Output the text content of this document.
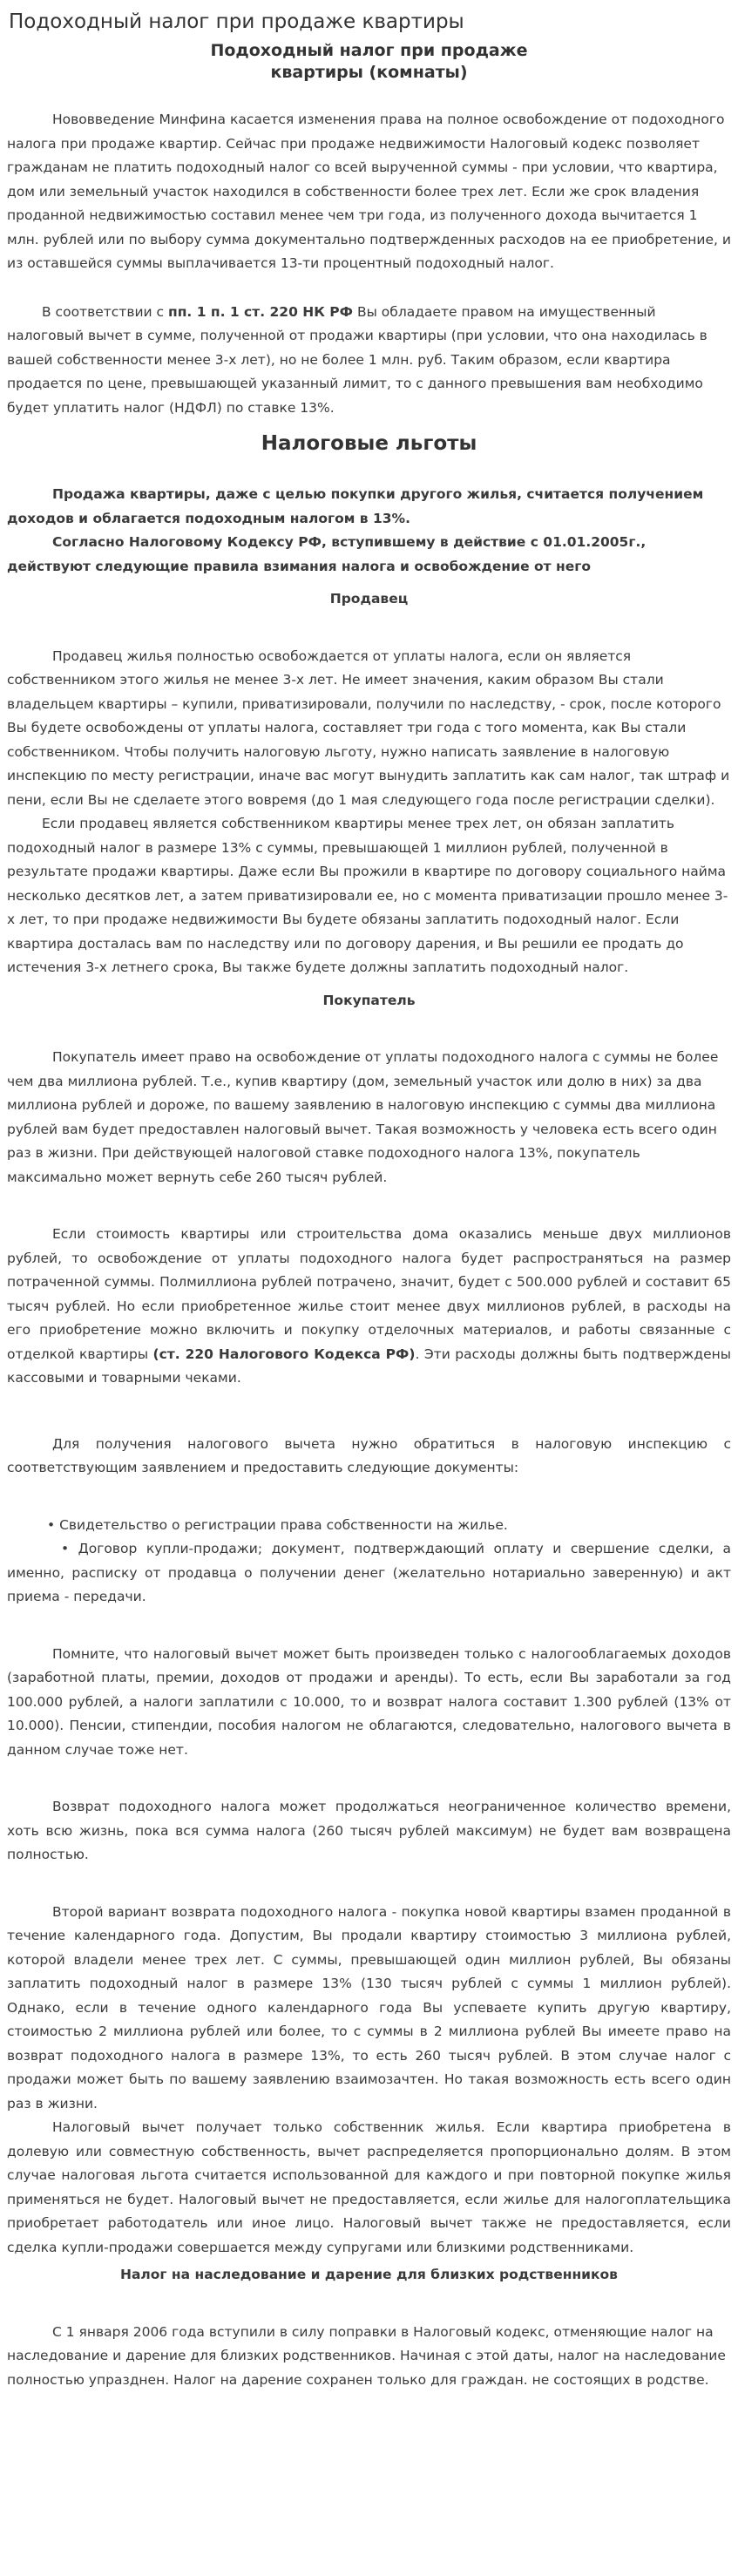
Подоходный налог при продаже квартиры
Подоходный налог при продаже
квартиры (комнаты)

Нововведение Минфина касается изменения права на полное освобождение от подоходного налога при продаже квартир. Сейчас при продаже недвижимости Налоговый кодекс позволяет гражданам не платить подоходный налог со всей вырученной суммы - при условии, что квартира, дом или земельный участок находился в собственности более трех лет. Если же срок владения проданной недвижимостью составил менее чем три года, из полученного дохода вычитается 1 млн. рублей или по выбору сумма документально подтвержденных расходов на ее приобретение, и из оставшейся суммы выплачивается 13-ти процентный подоходный налог.

В соответствии с пп. 1 п. 1 ст. 220 НК РФ Вы обладаете правом на имущественный налоговый вычет в сумме, полученной от продажи квартиры (при условии, что она находилась в вашей собственности менее 3-х лет), но не более 1 млн. руб. Таким образом, если квартира продается по цене, превышающей указанный лимит, то с данного превышения вам необходимо будет уплатить налог (НДФЛ) по ставке 13%.

Налоговые льготы

Продажа квартиры, даже с целью покупки другого жилья, считается получением доходов и облагается подоходным налогом в 13%.

Согласно Налоговому Кодексу РФ, вступившему в действие с 01.01.2005г., действуют следующие правила взимания налога и освобождение от него

Продавец

Продавец жилья полностью освобождается от уплаты налога, если он является собственником этого жилья не менее 3-х лет. Не имеет значения, каким образом Вы стали владельцем квартиры – купили, приватизировали, получили по наследству, - срок, после которого Вы будете освобождены от уплаты налога, составляет три года с того момента, как Вы стали собственником. Чтобы получить налоговую льготу, нужно написать заявление в налоговую инспекцию по месту регистрации, иначе вас могут вынудить заплатить как сам налог, так штраф и пени, если Вы не сделаете этого вовремя (до 1 мая следующего года после регистрации сделки).

Если продавец является собственником квартиры менее трех лет, он обязан заплатить подоходный налог в размере 13% с суммы, превышающей 1 миллион рублей, полученной в результате продажи квартиры. Даже если Вы прожили в квартире по договору социального найма несколько десятков лет, а затем приватизировали ее, но с момента приватизации прошло менее 3-х лет, то при продаже недвижимости Вы будете обязаны заплатить подоходный налог. Если квартира досталась вам по наследству или по договору дарения, и Вы решили ее продать до истечения 3-х летнего срока, Вы также будете должны заплатить подоходный налог.

Покупатель

Покупатель имеет право на освобождение от уплаты подоходного налога с суммы не более чем два миллиона рублей. Т.е., купив квартиру (дом, земельный участок или долю в них) за два миллиона рублей и дороже, по вашему заявлению в налоговую инспекцию с суммы два миллиона рублей вам будет предоставлен налоговый вычет. Такая возможность у человека есть всего один раз в жизни. При действующей налоговой ставке подоходного налога 13%, покупатель максимально может вернуть себе 260 тысяч рублей.

Если стоимость квартиры или строительства дома оказались меньше двух миллионов рублей, то освобождение от уплаты подоходного налога будет распространяться на размер потраченной суммы. Полмиллиона рублей потрачено, значит, будет с 500.000 рублей и составит 65 тысяч рублей. Но если приобретенное жилье стоит менее двух миллионов рублей, в расходы на его приобретение можно включить и покупку отделочных материалов, и работы связанные с отделкой квартиры (ст. 220 Налогового Кодекса РФ). Эти расходы должны быть подтверждены кассовыми и товарными чеками.

Для получения налогового вычета нужно обратиться в налоговую инспекцию с соответствующим заявлением и предоставить следующие документы:

• Свидетельство о регистрации права собственности на жилье.

• Договор купли-продажи; документ, подтверждающий оплату и свершение сделки, а именно, расписку от продавца о получении денег (желательно нотариально заверенную) и акт приема - передачи.

Помните, что налоговый вычет может быть произведен только с налогооблагаемых доходов (заработной платы, премии, доходов от продажи и аренды). То есть, если Вы заработали за год 100.000 рублей, а налоги заплатили с 10.000, то и возврат налога составит 1.300 рублей (13% от 10.000). Пенсии, стипендии, пособия налогом не облагаются, следовательно, налогового вычета в данном случае тоже нет.

Возврат подоходного налога может продолжаться неограниченное количество времени, хоть всю жизнь, пока вся сумма налога (260 тысяч рублей максимум) не будет вам возвращена полностью.

Второй вариант возврата подоходного налога - покупка новой квартиры взамен проданной в течение календарного года. Допустим, Вы продали квартиру стоимостью 3 миллиона рублей, которой владели менее трех лет. С суммы, превышающей один миллион рублей, Вы обязаны заплатить подоходный налог в размере 13% (130 тысяч рублей с суммы 1 миллион рублей). Однако, если в течение одного календарного года Вы успеваете купить другую квартиру, стоимостью 2 миллиона рублей или более, то с суммы в 2 миллиона рублей Вы имеете право на возврат подоходного налога в размере 13%, то есть 260 тысяч рублей. В этом случае налог с продажи может быть по вашему заявлению взаимозачтен. Но такая возможность есть всего один раз в жизни.

Налоговый вычет получает только собственник жилья. Если квартира приобретена в долевую или совместную собственность, вычет распределяется пропорционально долям. В этом случае налоговая льгота считается использованной для каждого и при повторной покупке жилья применяться не будет. Налоговый вычет не предоставляется, если жилье для налогоплательщика приобретает работодатель или иное лицо. Налоговый вычет также не предоставляется, если сделка купли-продажи совершается между супругами или близкими родственниками.

Налог на наследование и дарение для близких родственников

С 1 января 2006 года вступили в силу поправки в Налоговый кодекс, отменяющие налог на наследование и дарение для близких родственников. Начиная с этой даты, налог на наследование полностью упразднен. Налог на дарение сохранен только для граждан. не состоящих в родстве.
